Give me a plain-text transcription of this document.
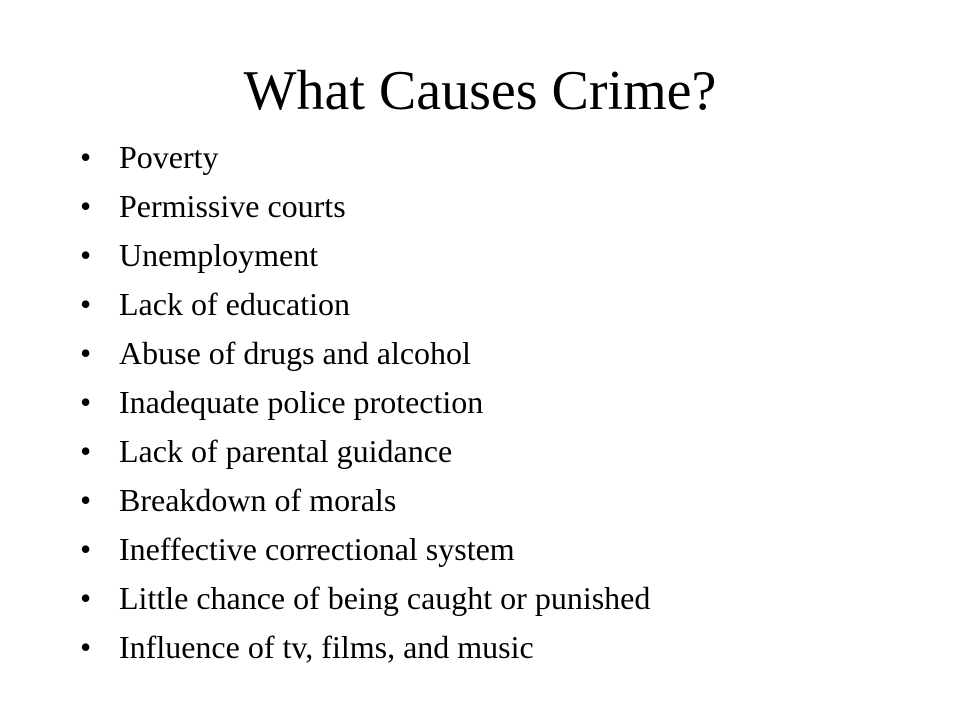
What Causes Crime?
• Poverty
• Permissive courts
• Unemployment
• Lack of education
• Abuse of drugs and alcohol
• Inadequate police protection
• Lack of parental guidance
• Breakdown of morals
• Ineffective correctional system
• Little chance of being caught or punished
• Influence of tv, films, and music
